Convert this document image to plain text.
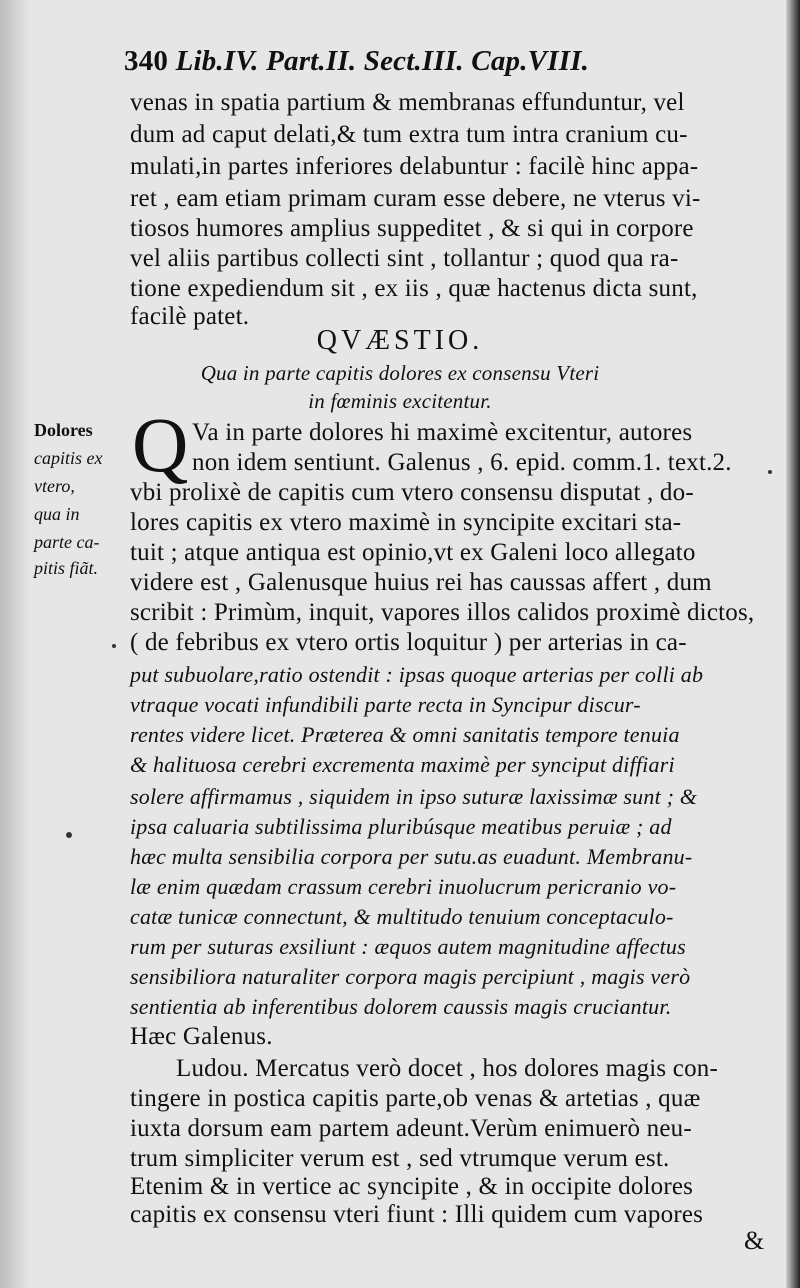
340 Lib.IV. Part.II. Sect.III. Cap.VIII.
venas in spatia partium & membranas effunduntur, vel
dum ad caput delati,& tum extra tum intra cranium cu-
mulati,in partes inferiores delabuntur : facilè hinc appa-
ret , eam etiam primam curam esse debere, ne vterus vi-
tiosos humores amplius suppeditet , & si qui in corpore
vel aliis partibus collecti sint , tollantur ; quod qua ra-
tione expediendum sit , ex iis , quæ hactenus dicta sunt,
facilè patet.
QVÆSTIO.
Qua in parte capitis dolores ex consensu Vteri
in fœminis excitentur.
Q Va in parte dolores hi maximè excitentur, autores
non idem sentiunt. Galenus , 6. epid. comm.1. text.2.
vbi prolixè de capitis cum vtero consensu disputat , do-
lores capitis ex vtero maximè in syncipite excitari sta-
tuit ; atque antiqua est opinio,vt ex Galeni loco allegato
videre est , Galenusque huius rei has caussas affert , dum
scribit : Primùm, inquit, vapores illos calidos proximè dictos,
( de febribus ex vtero ortis loquitur ) per arterias in ca-
put subuolare,ratio ostendit : ipsas quoque arterias per colli ab
vtraque vocati infundibili parte recta in Syncipur discur-
rentes videre licet. Præterea & omni sanitatis tempore tenuia
& halituosa cerebri excrementa maximè per synciput diffiari
solere affirmamus , siquidem in ipso suturæ laxissimæ sunt ; &
ipsa caluaria subtilissima pluribúsque meatibus peruiæ ; ad
hæc multa sensibilia corpora per sutu.as euadunt. Membranu-
læ enim quædam crassum cerebri inuolucrum pericranio vo-
catæ tunicæ connectunt, & multitudo tenuium conceptaculo-
rum per suturas exsiliunt : æquos autem magnitudine affectus
sensibiliora naturaliter corpora magis percipiunt , magis verò
sentientia ab inferentibus dolorem caussis magis cruciantur.
Hæc Galenus.
Ludou. Mercatus verò docet , hos dolores magis con-
tingere in postica capitis parte,ob venas & artetias , quæ
iuxta dorsum eam partem adeunt.Verùm enimuerò neu-
trum simpliciter verum est , sed vtrumque verum est.
Etenim & in vertice ac syncipite , & in occipite dolores
capitis ex consensu vteri fiunt : Illi quidem cum vapores
&
Dolores
capitis ex
vtero,
qua in
parte ca-
pitis fiãt.
